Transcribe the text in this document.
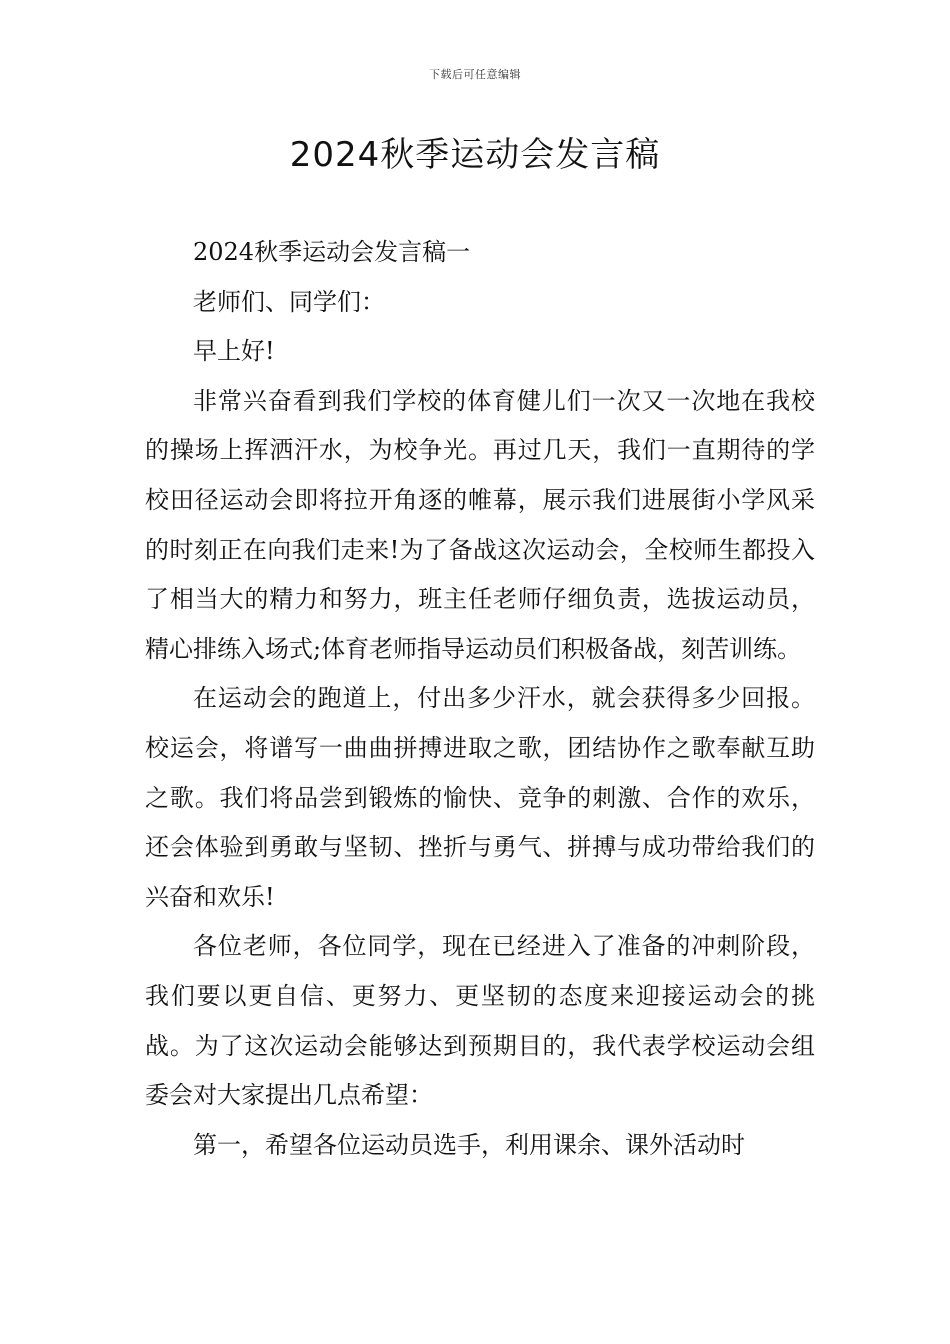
下载后可任意编辑
2024秋季运动会发言稿

2024秋季运动会发言稿一

老师们、同学们：

早上好!

非常兴奋看到我们学校的体育健儿们一次又一次地在我校的操场上挥洒汗水，为校争光。再过几天，我们一直期待的学校田径运动会即将拉开角逐的帷幕，展示我们进展街小学风采的时刻正在向我们走来!为了备战这次运动会，全校师生都投入了相当大的精力和努力，班主任老师仔细负责，选拔运动员，精心排练入场式;体育老师指导运动员们积极备战，刻苦训练。

在运动会的跑道上，付出多少汗水，就会获得多少回报。校运会，将谱写一曲曲拼搏进取之歌，团结协作之歌奉献互助之歌。我们将品尝到锻炼的愉快、竞争的刺激、合作的欢乐，还会体验到勇敢与坚韧、挫折与勇气、拼搏与成功带给我们的兴奋和欢乐!

各位老师，各位同学，现在已经进入了准备的冲刺阶段，我们要以更自信、更努力、更坚韧的态度来迎接运动会的挑战。为了这次运动会能够达到预期目的，我代表学校运动会组委会对大家提出几点希望：

第一，希望各位运动员选手，利用课余、课外活动时
